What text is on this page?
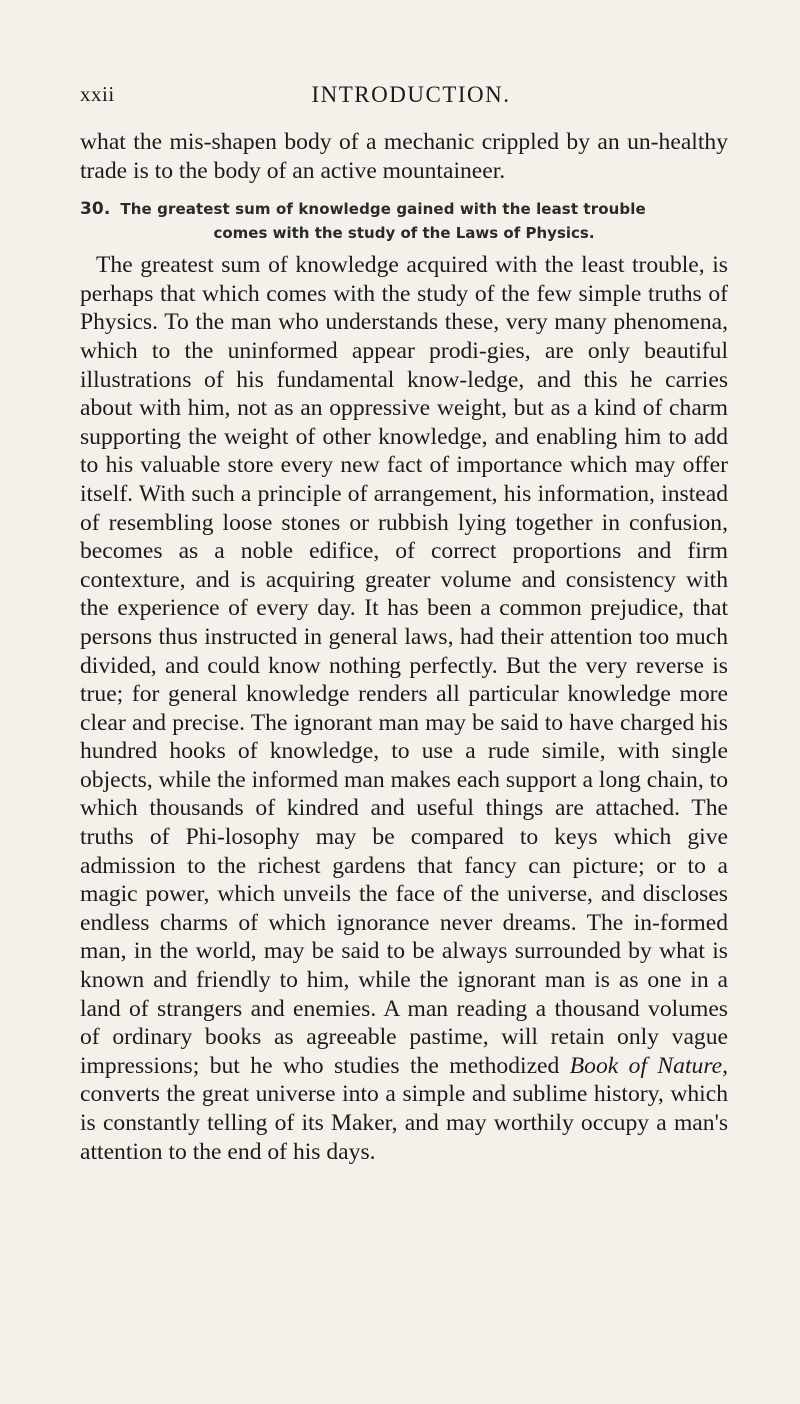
xxii	INTRODUCTION.

what the mis-shapen body of a mechanic crippled by an un-healthy trade is to the body of an active mountaineer.

30. The greatest sum of knowledge gained with the least trouble
comes with the study of the Laws of Physics.

The greatest sum of knowledge acquired with the least trouble, is perhaps that which comes with the study of the few simple truths of Physics. To the man who understands these, very many phenomena, which to the uninformed appear prodi-gies, are only beautiful illustrations of his fundamental know-ledge, and this he carries about with him, not as an oppressive weight, but as a kind of charm supporting the weight of other knowledge, and enabling him to add to his valuable store every new fact of importance which may offer itself. With such a principle of arrangement, his information, instead of resembling loose stones or rubbish lying together in confusion, becomes as a noble edifice, of correct proportions and firm contexture, and is acquiring greater volume and consistency with the experience of every day. It has been a common prejudice, that persons thus instructed in general laws, had their attention too much divided, and could know nothing perfectly. But the very reverse is true; for general knowledge renders all particular knowledge more clear and precise. The ignorant man may be said to have charged his hundred hooks of knowledge, to use a rude simile, with single objects, while the informed man makes each support a long chain, to which thousands of kindred and useful things are attached. The truths of Phi-losophy may be compared to keys which give admission to the richest gardens that fancy can picture; or to a magic power, which unveils the face of the universe, and discloses endless charms of which ignorance never dreams. The in-formed man, in the world, may be said to be always surrounded by what is known and friendly to him, while the ignorant man is as one in a land of strangers and enemies. A man reading a thousand volumes of ordinary books as agreeable pastime, will retain only vague impressions; but he who studies the methodized Book of Nature, converts the great universe into a simple and sublime history, which is constantly telling of its Maker, and may worthily occupy a man's attention to the end of his days.
